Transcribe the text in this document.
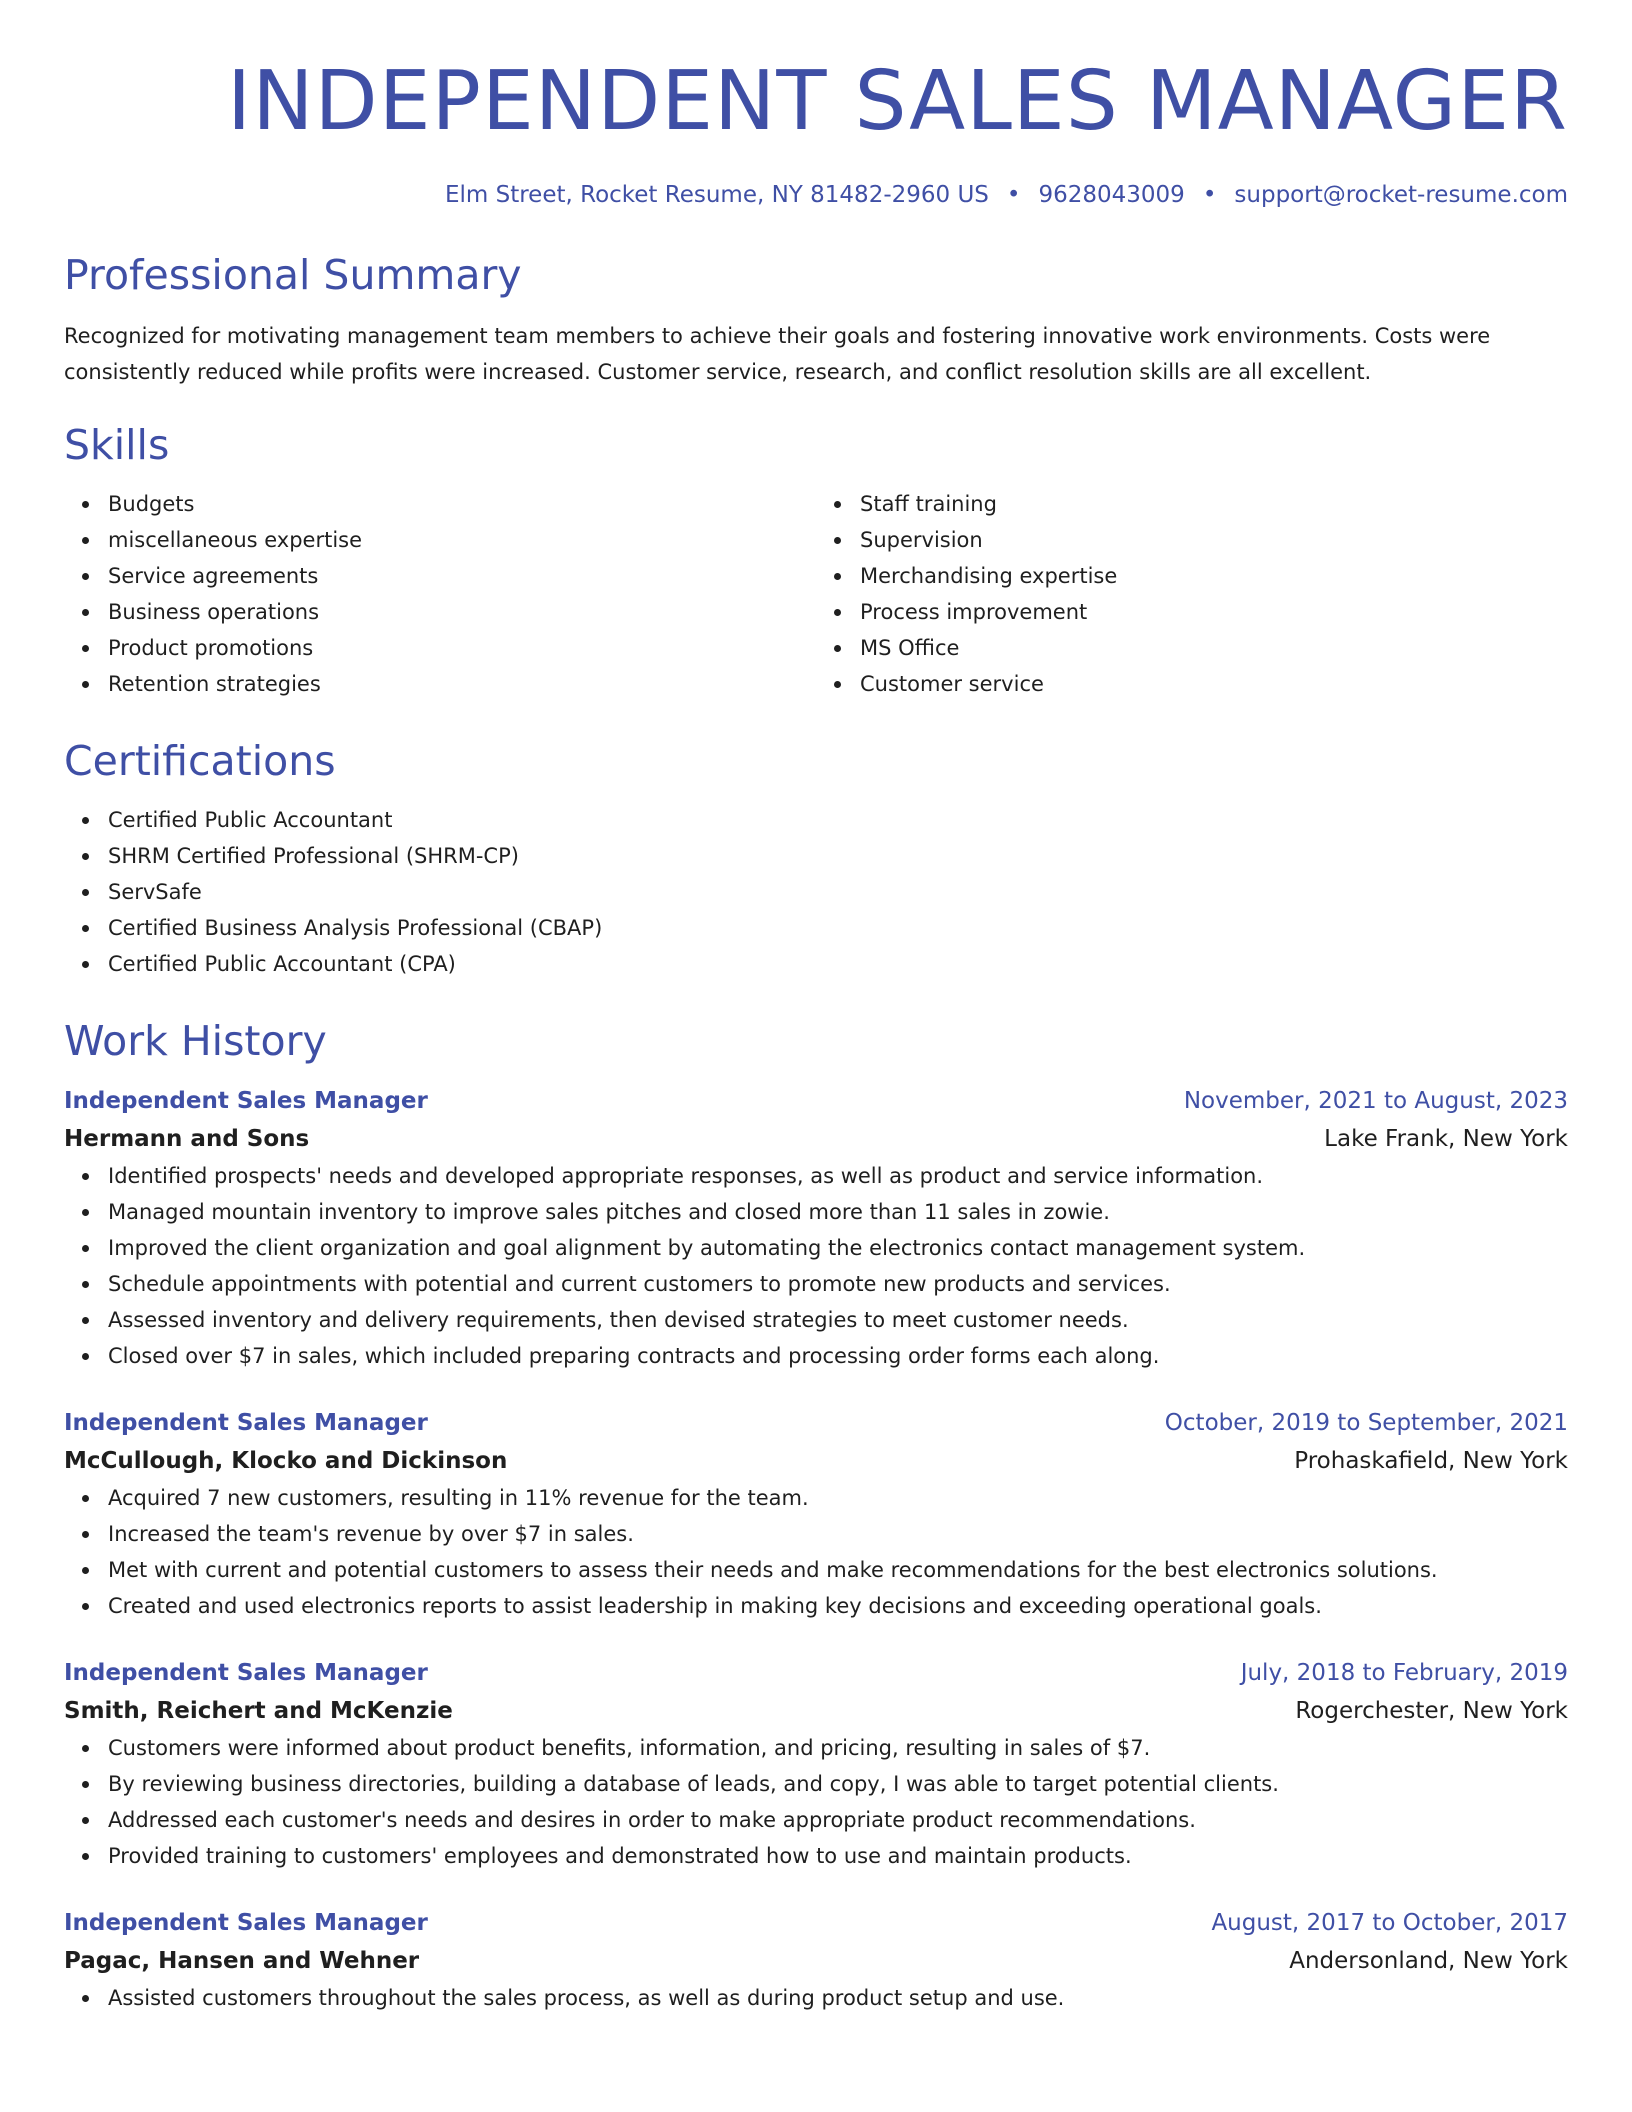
INDEPENDENT SALES MANAGER
Elm Street, Rocket Resume, NY 81482-2960 US • 9628043009 • support@rocket-resume.com
Professional Summary

Recognized for motivating management team members to achieve their goals and fostering innovative work environments. Costs were consistently reduced while profits were increased. Customer service, research, and conflict resolution skills are all excellent.

Skills
Budgets
miscellaneous expertise
Service agreements
Business operations
Product promotions
Retention strategies
Staff training
Supervision
Merchandising expertise
Process improvement
MS Office
Customer service
Certifications
Certified Public Accountant
SHRM Certified Professional (SHRM-CP)
ServSafe
Certified Business Analysis Professional (CBAP)
Certified Public Accountant (CPA)
Work History
Independent Sales Manager	November, 2021 to August, 2023
Hermann and Sons	Lake Frank, New York
Identified prospects' needs and developed appropriate responses, as well as product and service information.
Managed mountain inventory to improve sales pitches and closed more than 11 sales in zowie.
Improved the client organization and goal alignment by automating the electronics contact management system.
Schedule appointments with potential and current customers to promote new products and services.
Assessed inventory and delivery requirements, then devised strategies to meet customer needs.
Closed over $7 in sales, which included preparing contracts and processing order forms each along.
Independent Sales Manager	October, 2019 to September, 2021
McCullough, Klocko and Dickinson	Prohaskafield, New York
Acquired 7 new customers, resulting in 11% revenue for the team.
Increased the team's revenue by over $7 in sales.
Met with current and potential customers to assess their needs and make recommendations for the best electronics solutions.
Created and used electronics reports to assist leadership in making key decisions and exceeding operational goals.
Independent Sales Manager	July, 2018 to February, 2019
Smith, Reichert and McKenzie	Rogerchester, New York
Customers were informed about product benefits, information, and pricing, resulting in sales of $7.
By reviewing business directories, building a database of leads, and copy, I was able to target potential clients.
Addressed each customer's needs and desires in order to make appropriate product recommendations.
Provided training to customers' employees and demonstrated how to use and maintain products.
Independent Sales Manager	August, 2017 to October, 2017
Pagac, Hansen and Wehner	Andersonland, New York
Assisted customers throughout the sales process, as well as during product setup and use.
